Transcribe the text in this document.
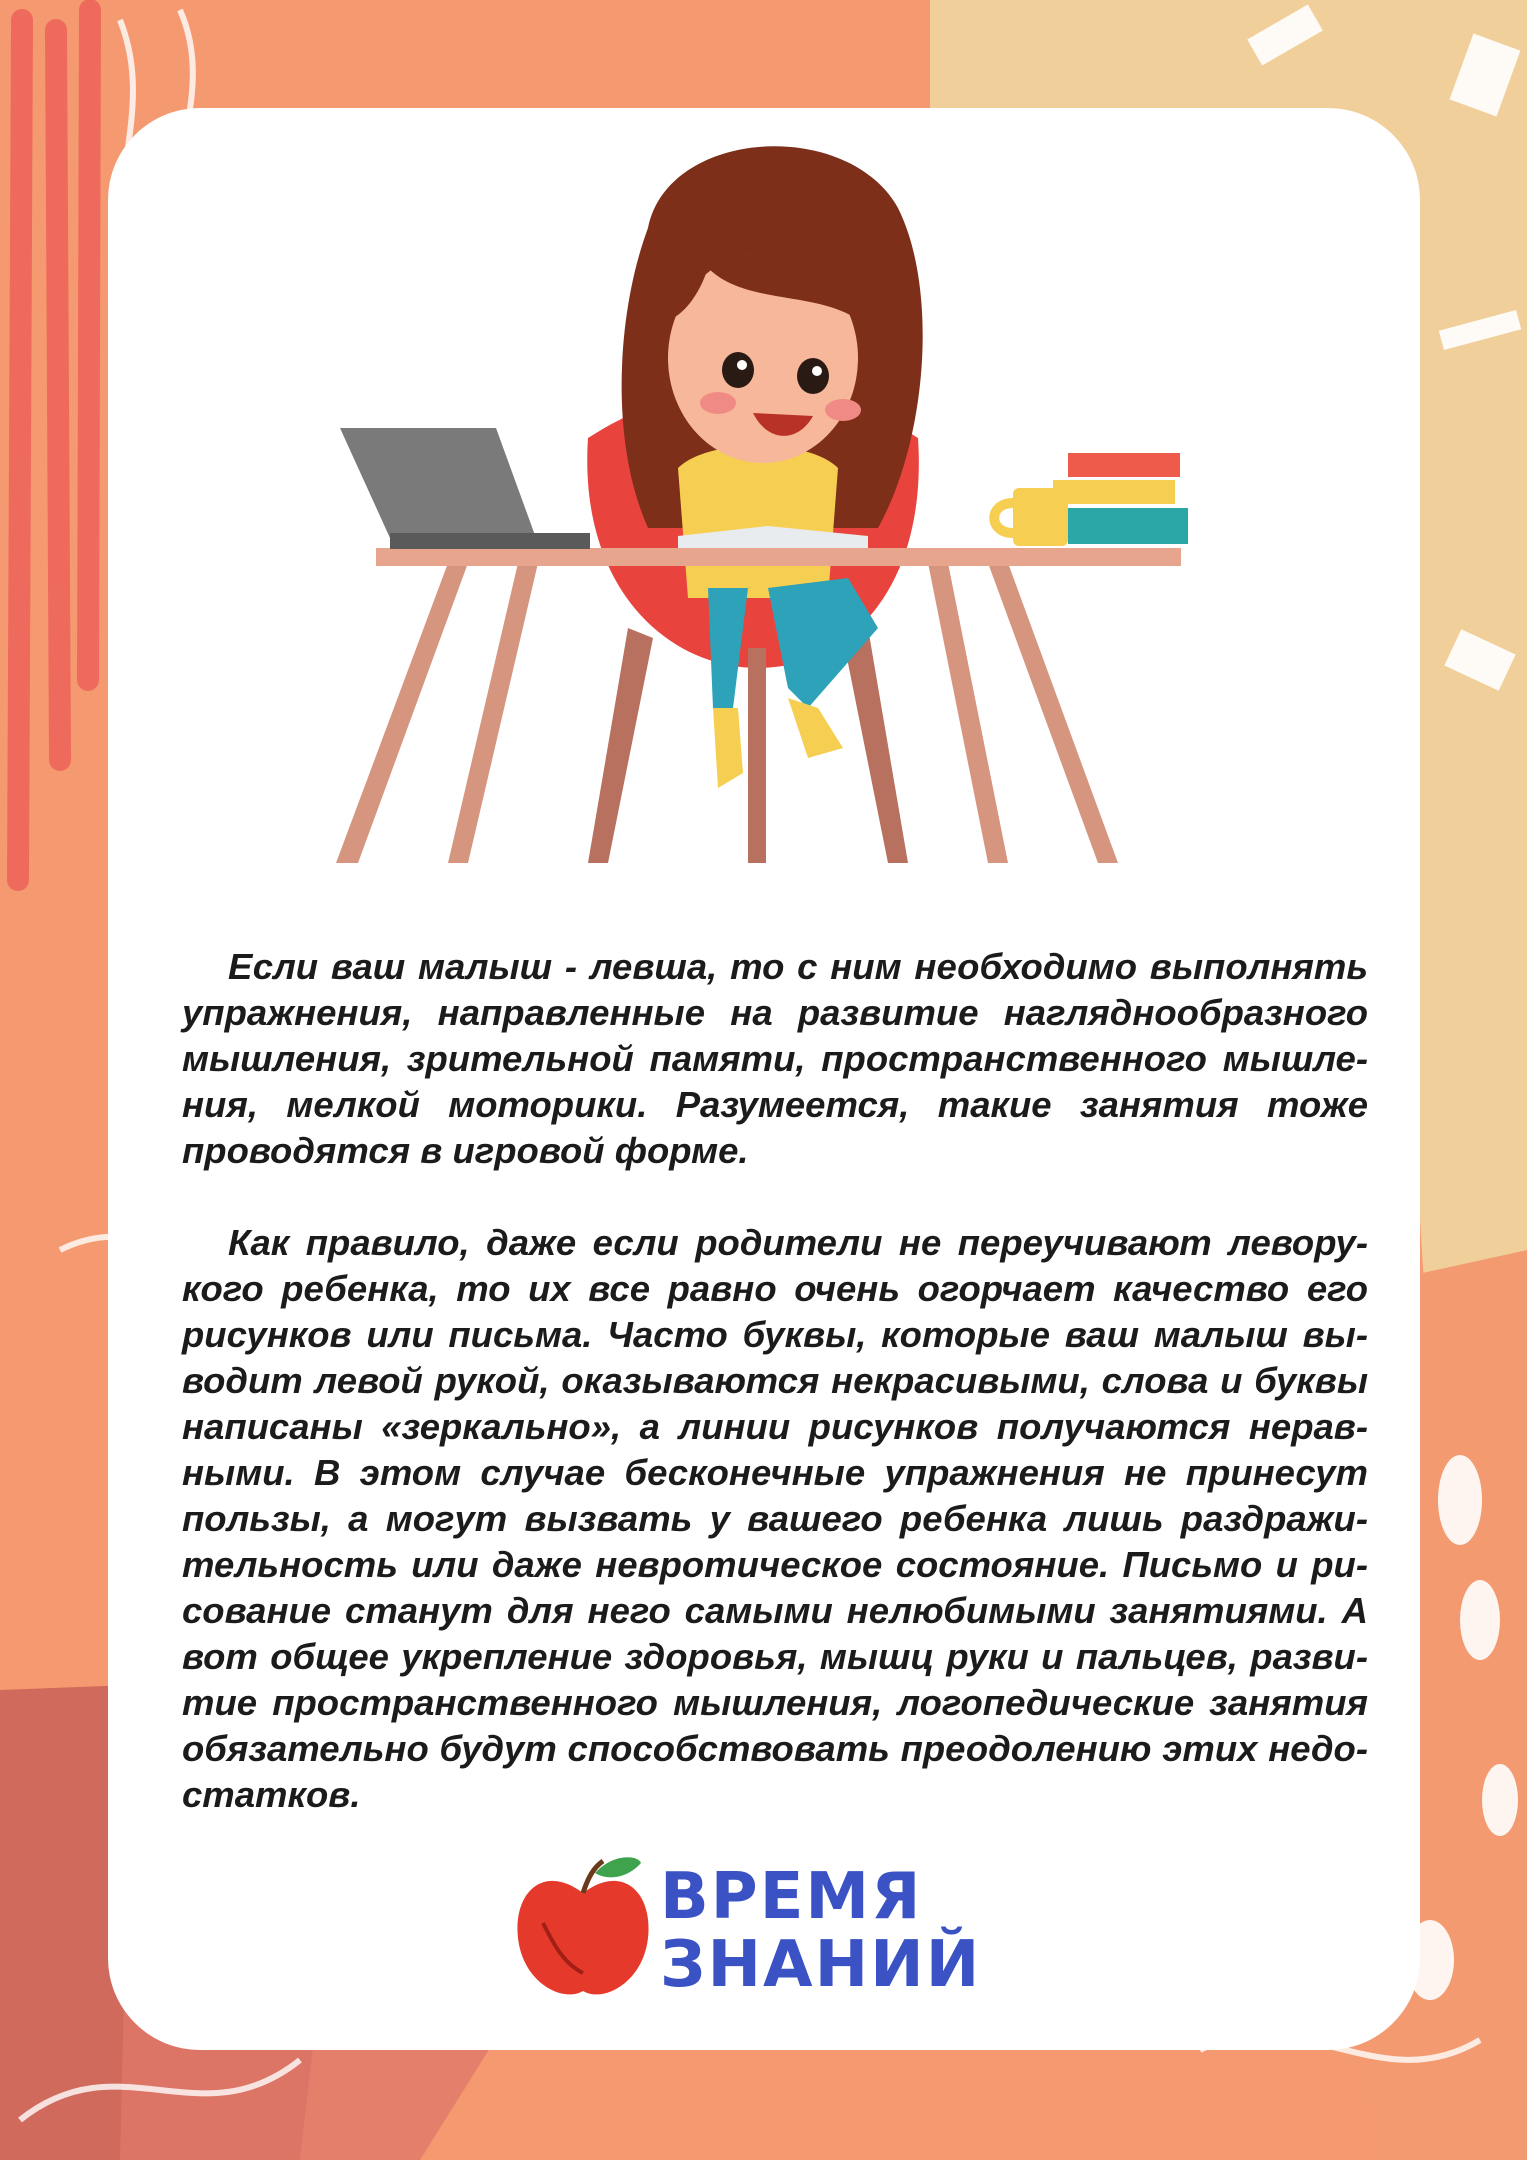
Если ваш малыш - левша, то с ним необходимо выполнять упражнения, направленные на развитие нагляднообразного мышления, зрительной памяти, пространственного мышления, мелкой моторики. Разумеется, такие занятия тоже проводятся в игровой форме.

Как правило, даже если родители не переучивают леворукого ребенка, то их все равно очень огорчает качество его рисунков или письма. Часто буквы, которые ваш малыш выводит левой рукой, оказываются некрасивыми, слова и буквы написаны «зеркально», а линии рисунков получаются неравными. В этом случае бесконечные упражнения не принесут пользы, а могут вызвать у вашего ребенка лишь раздражительность или даже невротическое состояние. Письмо и рисование станут для него самыми нелюбимыми занятиями. А вот общее укрепление здоровья, мышц руки и пальцев, развитие пространственного мышления, логопедические занятия обязательно будут способствовать преодолению этих недостатков.

ВРЕМЯ
ЗНАНИЙ
